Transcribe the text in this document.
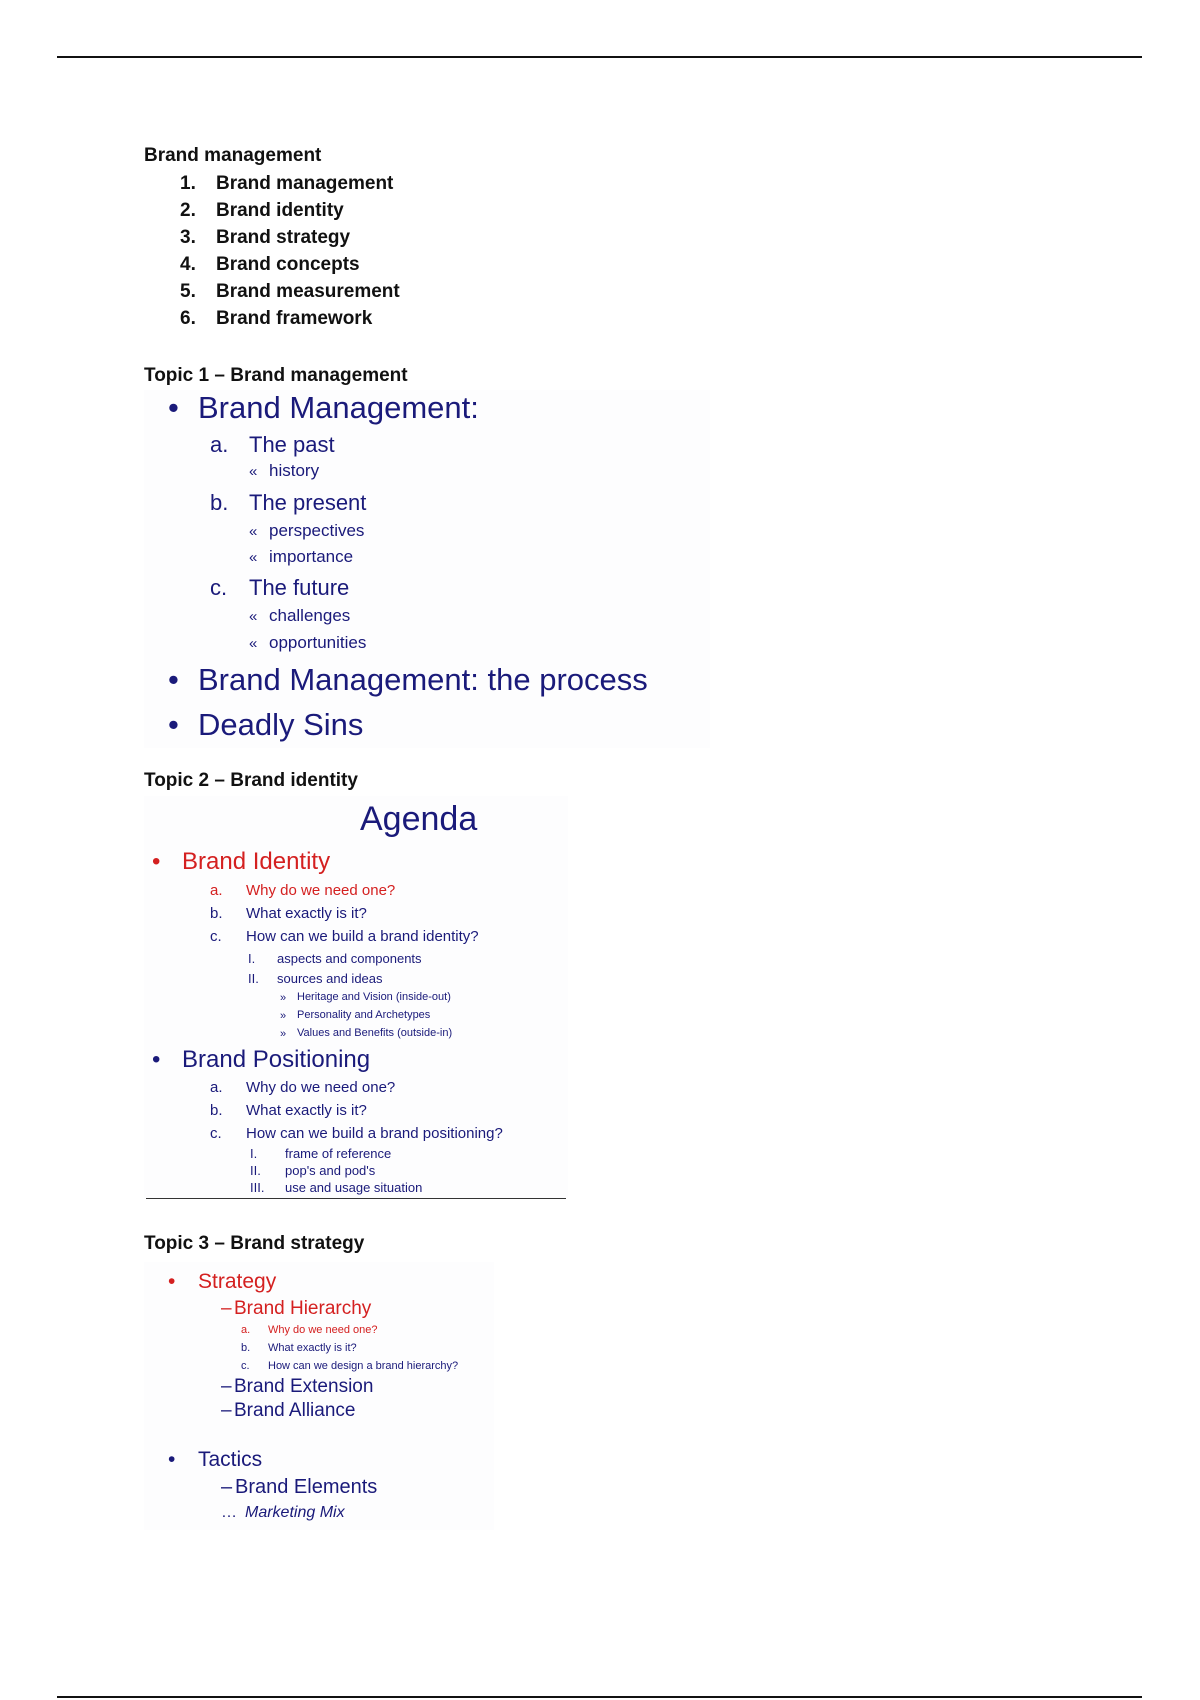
Brand management
1.	Brand management
2.	Brand identity
3.	Brand strategy
4.	Brand concepts
5.	Brand measurement
6.	Brand framework
Topic 1 – Brand management
• Brand Management:
a. The past
« history
b. The present
« perspectives
« importance
c. The future
« challenges
« opportunities
• Brand Management: the process
• Deadly Sins
Topic 2 – Brand identity
Agenda
• Brand Identity
a. Why do we need one?
b. What exactly is it?
c. How can we build a brand identity?
I. aspects and components
II. sources and ideas
» Heritage and Vision (inside-out)
» Personality and Archetypes
» Values and Benefits (outside-in)
• Brand Positioning
a. Why do we need one?
b. What exactly is it?
c. How can we build a brand positioning?
I. frame of reference
II. pop's and pod's
III. use and usage situation
Topic 3 – Brand strategy
• Strategy
– Brand Hierarchy
a. Why do we need one?
b. What exactly is it?
c. How can we design a brand hierarchy?
– Brand Extension
– Brand Alliance
• Tactics
– Brand Elements
… Marketing Mix
